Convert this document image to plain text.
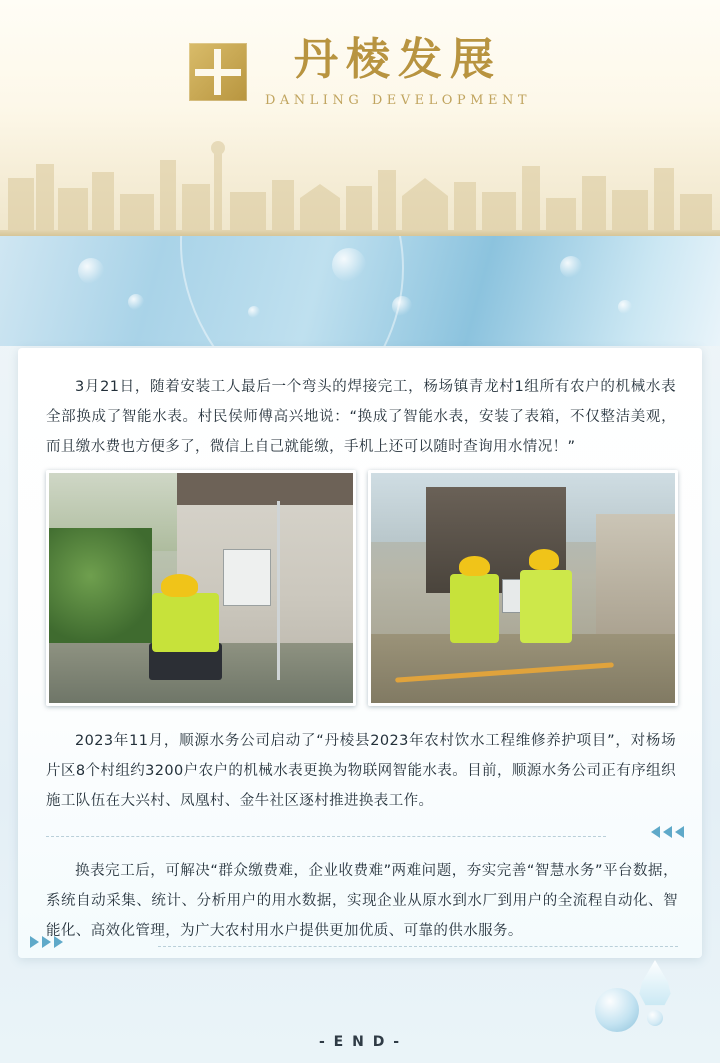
丹棱发展
DANLING DEVELOPMENT
3月21日，随着安装工人最后一个弯头的焊接完工，杨场镇青龙村1组所有农户的机械水表全部换成了智能水表。村民侯师傅高兴地说：“换成了智能水表，安装了表箱，不仅整洁美观，而且缴水费也方便多了，微信上自己就能缴，手机上还可以随时查询用水情况！”
2023年11月，顺源水务公司启动了“丹棱县2023年农村饮水工程维修养护项目”，对杨场片区8个村组约3200户农户的机械水表更换为物联网智能水表。目前，顺源水务公司正有序组织施工队伍在大兴村、凤凰村、金牛社区逐村推进换表工作。
换表完工后，可解决“群众缴费难，企业收费难”两难问题，夯实完善“智慧水务”平台数据，系统自动采集、统计、分析用户的用水数据，实现企业从原水到水厂到用户的全流程自动化、智能化、高效化管理，为广大农村用水户提供更加优质、可靠的供水服务。
- E N D -
